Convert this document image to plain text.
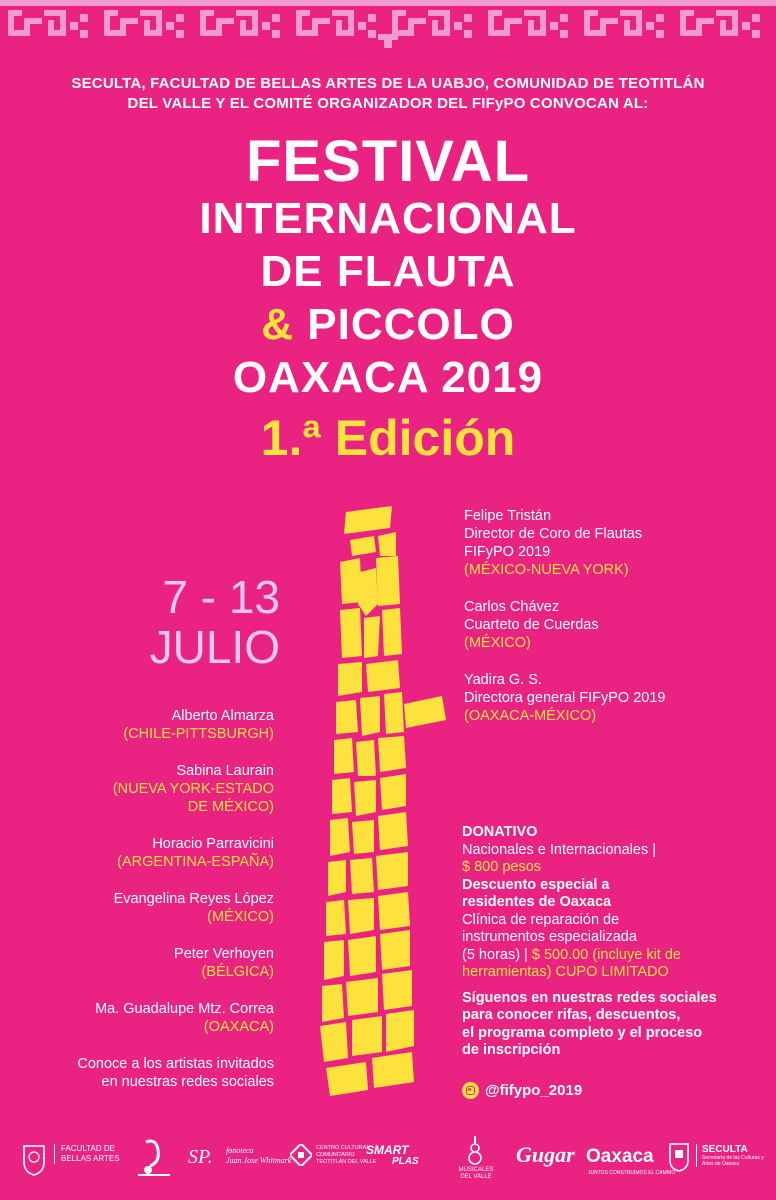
SECULTA, FACULTAD DE BELLAS ARTES DE LA UABJO, COMUNIDAD DE TEOTITLÁN
DEL VALLE Y EL COMITÉ ORGANIZADOR DEL FIFyPO CONVOCAN AL:
FESTIVAL
INTERNACIONAL
DE FLAUTA
& PICCOLO
OAXACA 2019
1.ª Edición
7 - 13
JULIO
Alberto Almarza
(CHILE-PITTSBURGH)
Sabina Laurain
(NUEVA YORK-ESTADO
DE MÉXICO)
Horacio Parravicini
(ARGENTINA-ESPAÑA)
Evangelina Reyes López
(MÉXICO)
Peter Verhoyen
(BÉLGICA)
Ma. Guadalupe Mtz. Correa
(OAXACA)
Conoce a los artistas invitados
en nuestras redes sociales
Felipe Tristán
Director de Coro de Flautas
FIFyPO 2019
(MÉXICO-NUEVA YORK)
Carlos Chávez
Cuarteto de Cuerdas
(MÉXICO)
Yadira G. S.
Directora general FIFyPO 2019
(OAXACA-MÉXICO)
DONATIVO
Nacionales e Internacionales |
$ 800 pesos
Descuento especial a
residentes de Oaxaca
Clínica de reparación de
instrumentos especializada
(5 horas) | $ 500.00 (incluye kit de
herramientas) CUPO LIMITADO
Síguenos en nuestras redes sociales
para conocer rifas, descuentos,
el programa completo y el proceso
de inscripción
@fifypo_2019
FACULTAD DE
BELLAS ARTES	SP. fonoteca
Juan Jose Whitmark
CENTRO CULTURAL
COMUNITARIO
TEOTITLÁN DEL VALLE
SMART
PLAS
MUSICALES
DEL VALLE
Gugar Oaxaca
JUNTOS CONSTRUIMOS EL CAMBIO
SECULTA
Secretaría de las Culturas y
Artes de Oaxaca
